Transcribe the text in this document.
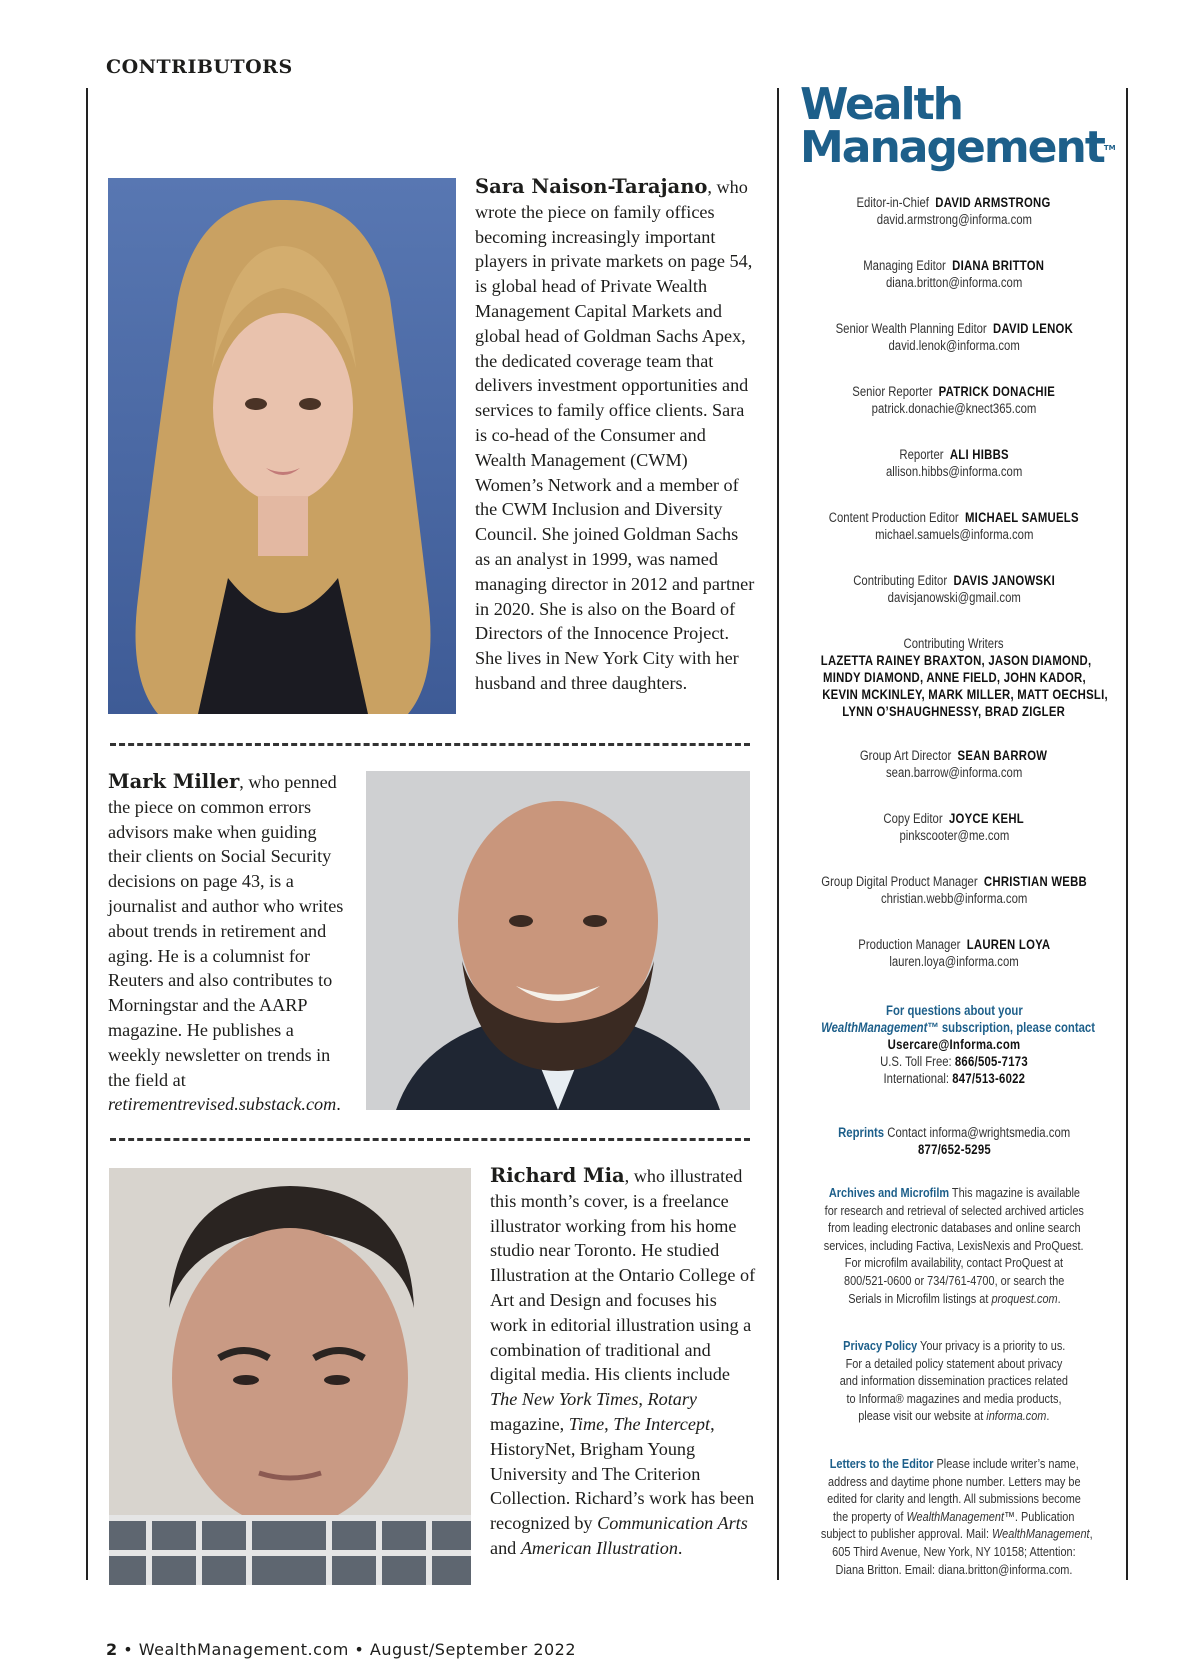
CONTRIBUTORS

Sara Naison-Tarajano, who wrote the piece on family offices becoming increasingly important players in private markets on page 54, is global head of Private Wealth Management Capital Markets and global head of Goldman Sachs Apex, the dedicated coverage team that delivers investment opportunities and services to family office clients. Sara is co-head of the Consumer and Wealth Management (CWM) Women’s Network and a member of the CWM Inclusion and Diversity Council. She joined Goldman Sachs as an analyst in 1999, was named managing director in 2012 and partner in 2020. She is also on the Board of Directors of the Innocence Project. She lives in New York City with her husband and three daughters.

Mark Miller, who penned the piece on common errors advisors make when guiding their clients on Social Security decisions on page 43, is a journalist and author who writes about trends in retirement and aging. He is a columnist for Reuters and also contributes to Morningstar and the AARP magazine. He publishes a weekly newsletter on trends in the field at retirementrevised.substack.com.

Richard Mia, who illustrated this month’s cover, is a freelance illustrator working from his home studio near Toronto. He studied Illustration at the Ontario College of Art and Design and focuses his work in editorial illustration using a combination of traditional and digital media. His clients include The New York Times, Rotary magazine, Time, The Intercept, HistoryNet, Brigham Young University and The Criterion Collection. Richard’s work has been recognized by Communication Arts and American Illustration.

Wealth
ManagementTM
Editor-in-Chief DAVID ARMSTRONG
david.armstrong@informa.com
Managing Editor DIANA BRITTON
diana.britton@informa.com
Senior Wealth Planning Editor DAVID LENOK
david.lenok@informa.com
Senior Reporter PATRICK DONACHIE
patrick.donachie@knect365.com
Reporter ALI HIBBS
allison.hibbs@informa.com
Content Production Editor MICHAEL SAMUELS
michael.samuels@informa.com
Contributing Editor DAVIS JANOWSKI
davisjanowski@gmail.com
Contributing Writers
LAZETTA RAINEY BRAXTON, JASON DIAMOND,
MINDY DIAMOND, ANNE FIELD, JOHN KADOR,
KEVIN MCKINLEY, MARK MILLER, MATT OECHSLI,
LYNN O’SHAUGHNESSY, BRAD ZIGLER
Group Art Director SEAN BARROW
sean.barrow@informa.com
Copy Editor JOYCE KEHL
pinkscooter@me.com
Group Digital Product Manager CHRISTIAN WEBB
christian.webb@informa.com
Production Manager LAUREN LOYA
lauren.loya@informa.com
For questions about your
WealthManagement™ subscription, please contact
Usercare@Informa.com
U.S. Toll Free: 866/505-7173
International: 847/513-6022
Reprints Contact informa@wrightsmedia.com
877/652-5295
Archives and Microfilm This magazine is available
for research and retrieval of selected archived articles
from leading electronic databases and online search
services, including Factiva, LexisNexis and ProQuest.
For microfilm availability, contact ProQuest at
800/521-0600 or 734/761-4700, or search the
Serials in Microfilm listings at proquest.com.
Privacy Policy Your privacy is a priority to us.
For a detailed policy statement about privacy
and information dissemination practices related
to Informa® magazines and media products,
please visit our website at informa.com.
Letters to the Editor Please include writer’s name,
address and daytime phone number. Letters may be
edited for clarity and length. All submissions become
the property of WealthManagement™. Publication
subject to publisher approval. Mail: WealthManagement,
605 Third Avenue, New York, NY 10158; Attention:
Diana Britton. Email: diana.britton@informa.com.
2 • WealthManagement.com • August/September 2022
